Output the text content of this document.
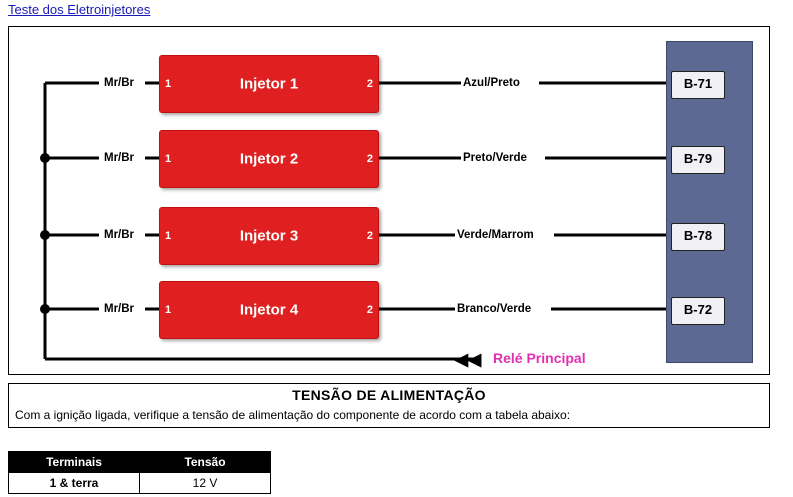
Teste dos Eletroinjetores
Mr/Br
Mr/Br
Mr/Br
Mr/Br
1	Injetor 1	2
1	Injetor 2	2
1	Injetor 3	2
1	Injetor 4	2
Azul/Preto
Preto/Verde
Verde/Marrom
Branco/Verde
◀◀ Relé Principal
B-71
B-79
B-78
B-72
TENSÃO DE ALIMENTAÇÃO
Com a ignição ligada, verifique a tensão de alimentação do componente de acordo com a tabela abaixo:
Terminais	Tensão
1 & terra	12 V
